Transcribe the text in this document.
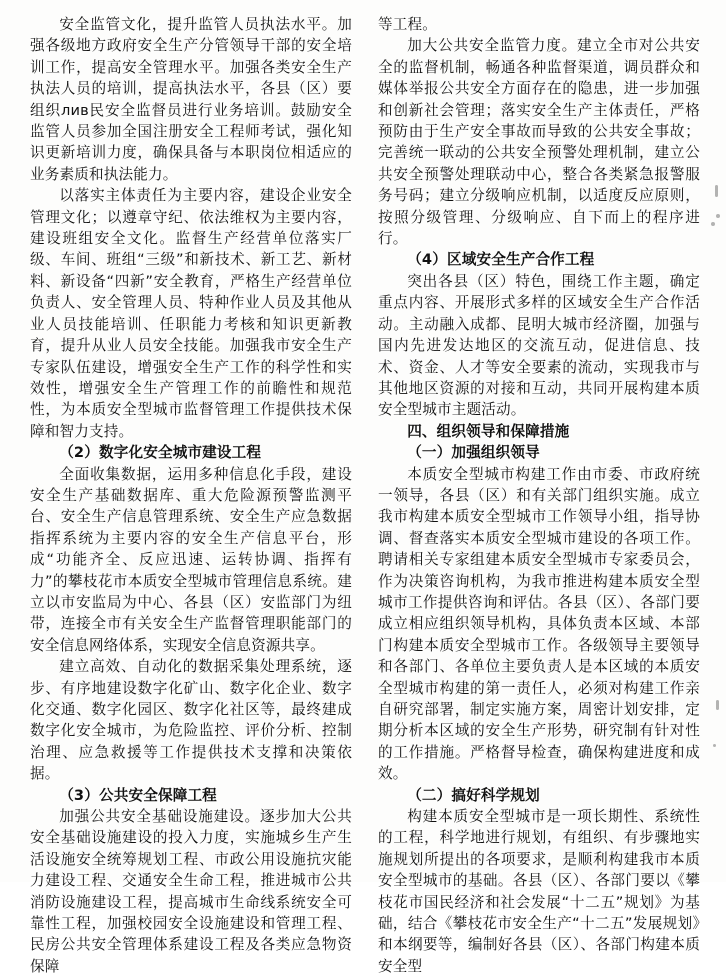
安全监管文化，提升监管人员执法水平。加强各级地方政府安全生产分管领导干部的安全培训工作，提高安全管理水平。加强各类安全生产执法人员的培训，提高执法水平，各县（区）要组织лив民安全监督员进行业务培训。鼓励安全监管人员参加全国注册安全工程师考试，强化知识更新培训力度，确保具备与本职岗位相适应的业务素质和执法能力。

以落实主体责任为主要内容，建设企业安全管理文化；以遵章守纪、依法维权为主要内容，建设班组安全文化。监督生产经营单位落实厂级、车间、班组“三级”和新技术、新工艺、新材料、新设备“四新”安全教育，严格生产经营单位负责人、安全管理人员、特种作业人员及其他从业人员技能培训、任职能力考核和知识更新教育，提升从业人员安全技能。加强我市安全生产专家队伍建设，增强安全生产工作的科学性和实效性，增强安全生产管理工作的前瞻性和规范性，为本质安全型城市监督管理工作提供技术保障和智力支持。

（2）数字化安全城市建设工程

全面收集数据，运用多种信息化手段，建设安全生产基础数据库、重大危险源预警监测平台、安全生产信息管理系统、安全生产应急数据指挥系统为主要内容的安全生产信息平台，形成“功能齐全、反应迅速、运转协调、指挥有力”的攀枝花市本质安全型城市管理信息系统。建立以市安监局为中心、各县（区）安监部门为纽带，连接全市有关安全生产监督管理职能部门的安全信息网络体系，实现安全信息资源共享。

建立高效、自动化的数据采集处理系统，逐步、有序地建设数字化矿山、数字化企业、数字化交通、数字化园区、数字化社区等，最终建成数字化安全城市，为危险监控、评价分析、控制治理、应急救援等工作提供技术支撑和决策依据。

（3）公共安全保障工程

加强公共安全基础设施建设。逐步加大公共安全基础设施建设的投入力度，实施城乡生产生活设施安全统筹规划工程、市政公用设施抗灾能力建设工程、交通安全生命工程，推进城市公共消防设施建设工程，提高城市生命线系统安全可靠性工程，加强校园安全设施建设和管理工程、民房公共安全管理体系建设工程及各类应急物资保障

等工程。

加大公共安全监管力度。建立全市对公共安全的监督机制，畅通各种监督渠道，调员群众和媒体举报公共安全方面存在的隐患，进一步加强和创新社会管理；落实安全生产主体责任，严格预防由于生产安全事故而导致的公共安全事故；完善统一联动的公共安全预警处理机制，建立公共安全预警处理联动中心，整合各类紧急报警服务号码；建立分级响应机制，以适度反应原则，按照分级管理、分级响应、自下而上的程序进行。

（4）区域安全生产合作工程

突出各县（区）特色，围绕工作主题，确定重点内容、开展形式多样的区域安全生产合作活动。主动融入成都、昆明大城市经济圈，加强与国内先进发达地区的交流互动，促进信息、技术、资金、人才等安全要素的流动，实现我市与其他地区资源的对接和互动，共同开展构建本质安全型城市主题活动。

四、组织领导和保障措施

（一）加强组织领导

本质安全型城市构建工作由市委、市政府统一领导，各县（区）和有关部门组织实施。成立我市构建本质安全型城市工作领导小组，指导协调、督查落实本质安全型城市建设的各项工作。聘请相关专家组建本质安全型城市专家委员会，作为决策咨询机构，为我市推进构建本质安全型城市工作提供咨询和评估。各县（区）、各部门要成立相应组织领导机构，具体负责本区域、本部门构建本质安全型城市工作。各级领导主要领导和各部门、各单位主要负责人是本区域的本质安全型城市构建的第一责任人，必须对构建工作亲自研究部署，制定实施方案，周密计划安排，定期分析本区域的安全生产形势，研究制有针对性的工作措施。严格督导检查，确保构建进度和成效。

（二）搞好科学规划

构建本质安全型城市是一项长期性、系统性的工程，科学地进行规划，有组织、有步骤地实施规划所提出的各项要求，是顺利构建我市本质安全型城市的基础。各县（区）、各部门要以《攀枝花市国民经济和社会发展“十二五”规划》为基础，结合《攀枝花市安全生产“十二五”发展规划》和本纲要等，编制好各县（区）、各部门构建本质安全型
